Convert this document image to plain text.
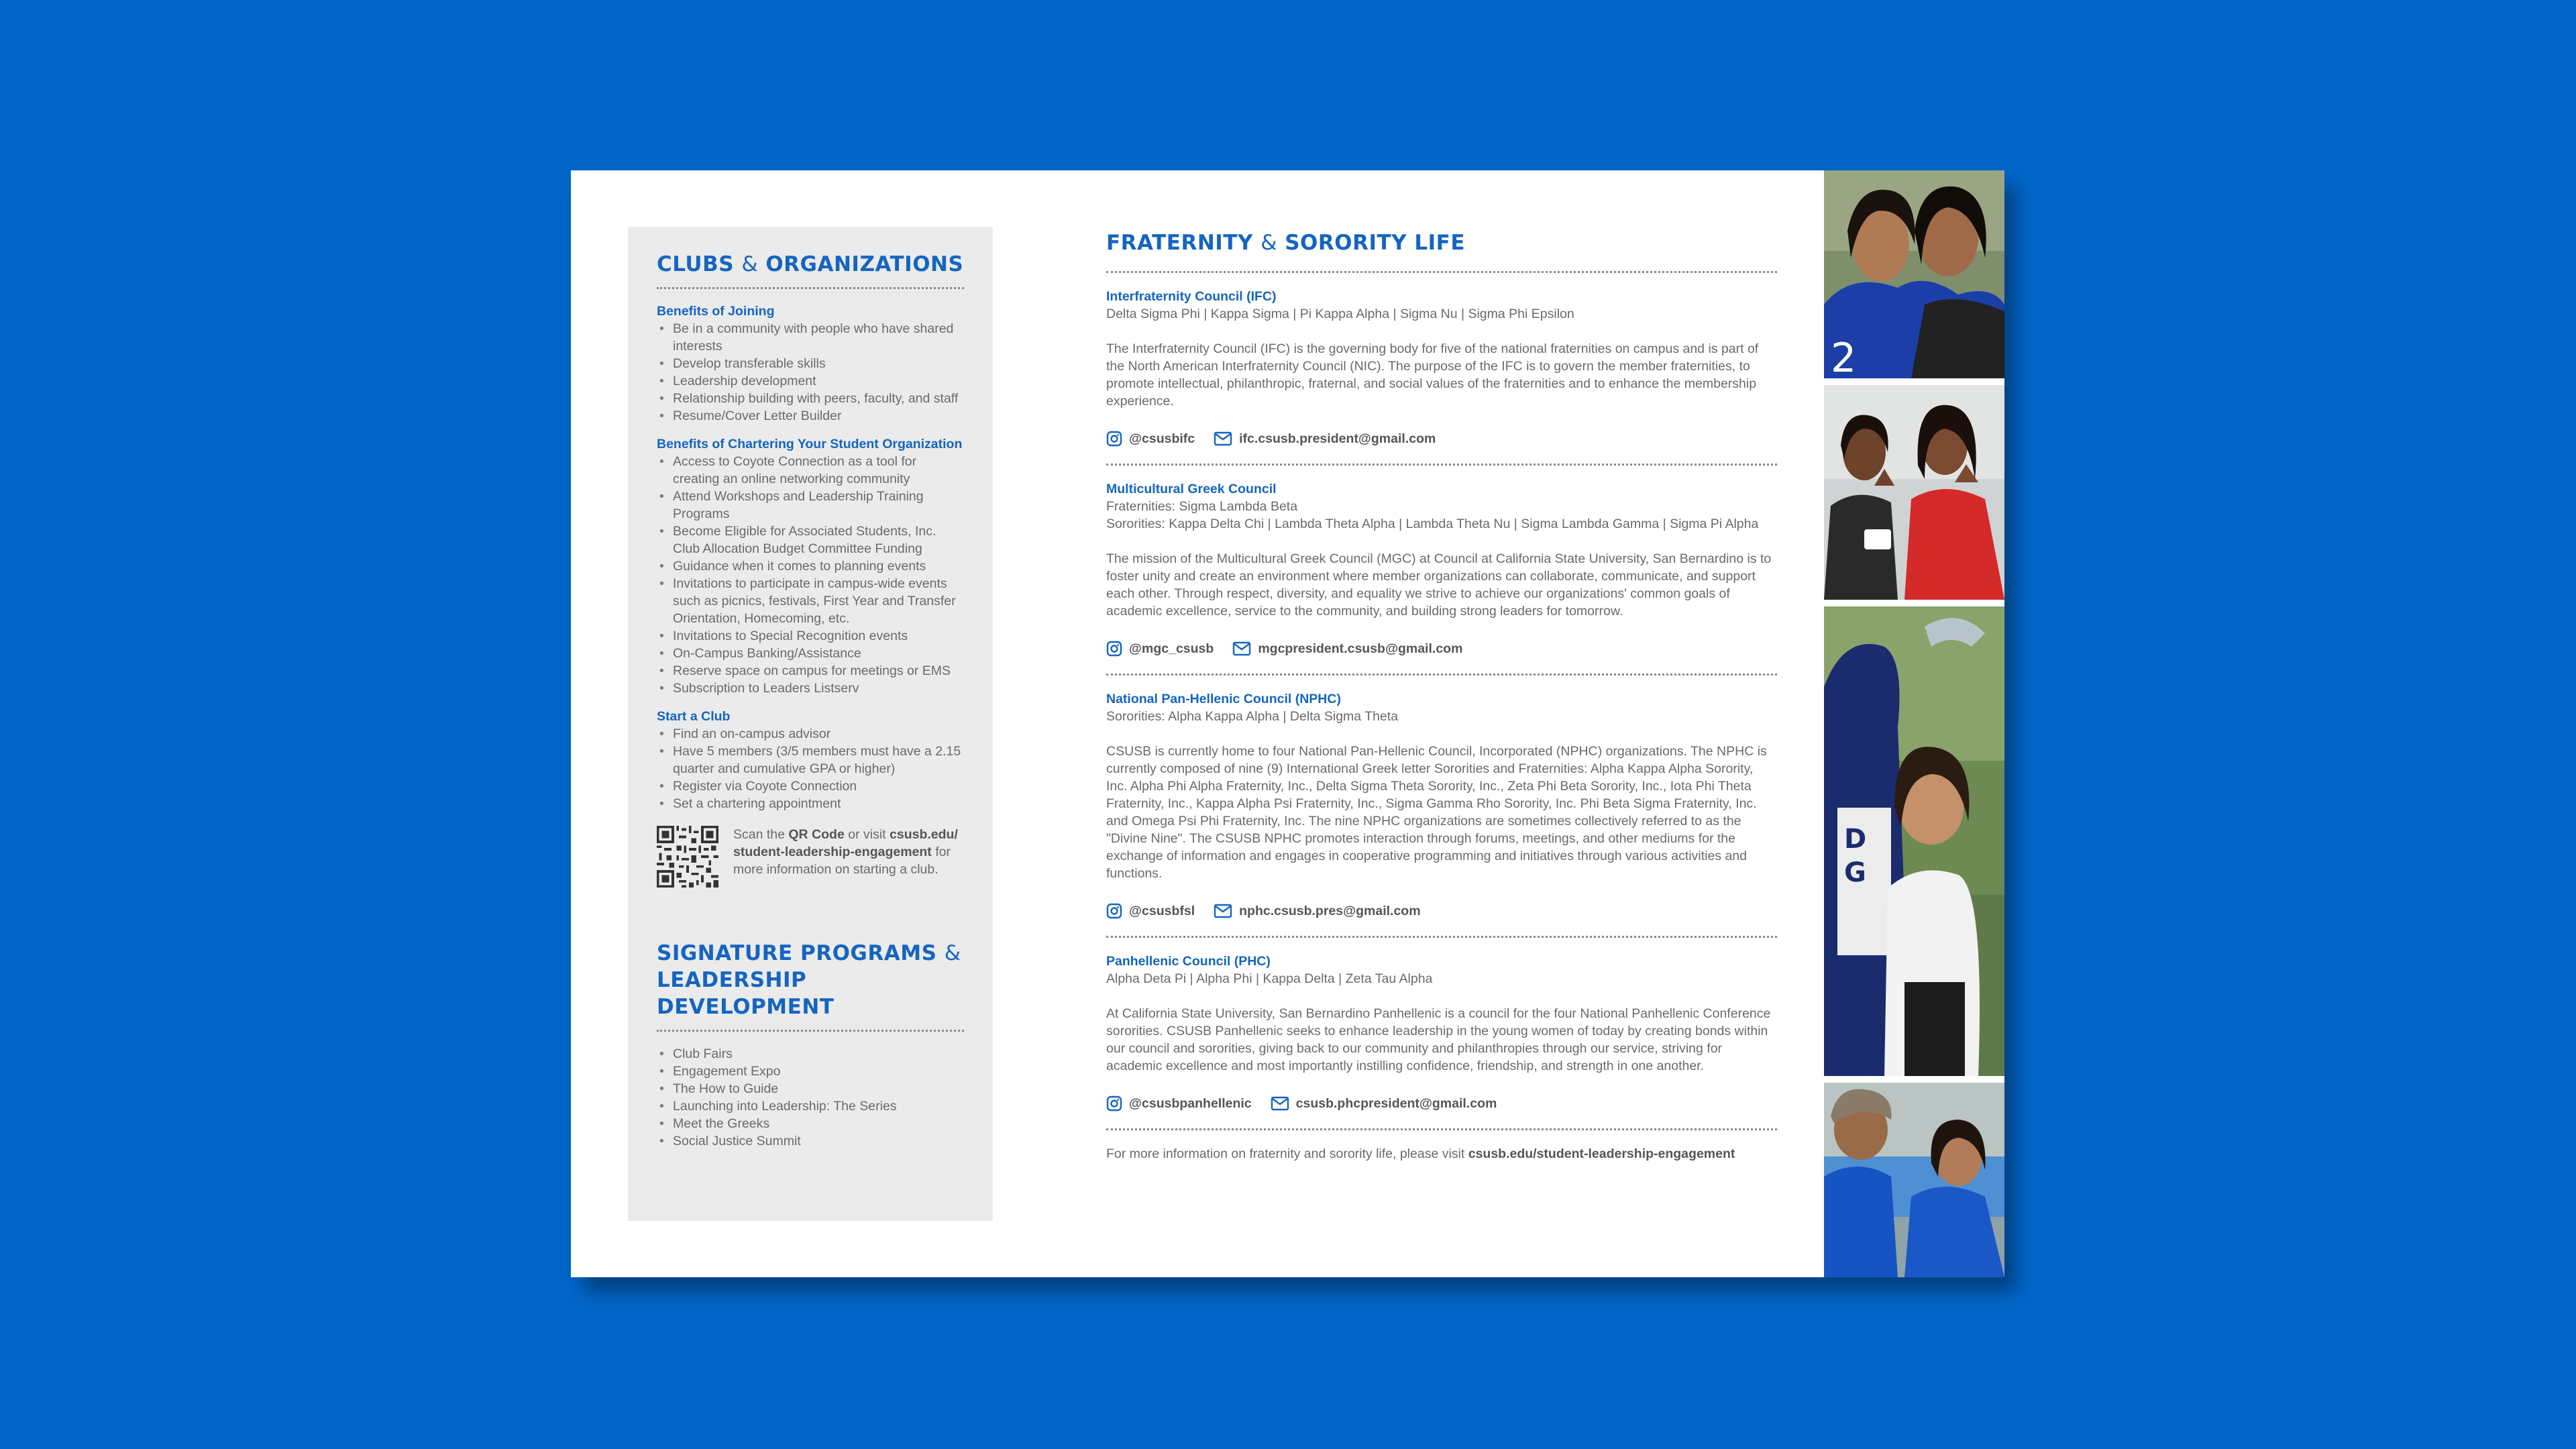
CLUBS & ORGANIZATIONS
Benefits of Joining
• Be in a community with people who have shared interests
• Develop transferable skills
• Leadership development
• Relationship building with peers, faculty, and staff
• Resume/Cover Letter Builder
Benefits of Chartering Your Student Organization
• Access to Coyote Connection as a tool for creating an online networking community
• Attend Workshops and Leadership Training Programs
• Become Eligible for Associated Students, Inc. Club Allocation Budget Committee Funding
• Guidance when it comes to planning events
• Invitations to participate in campus-wide events such as picnics, festivals, First Year and Transfer Orientation, Homecoming, etc.
• Invitations to Special Recognition events
• On-Campus Banking/Assistance
• Reserve space on campus for meetings or EMS
• Subscription to Leaders Listserv
Start a Club
• Find an on-campus advisor
• Have 5 members (3/5 members must have a 2.15 quarter and cumulative GPA or higher)
• Register via Coyote Connection
• Set a chartering appointment
Scan the QR Code or visit csusb.edu/ student-leadership-engagement for more information on starting a club.
SIGNATURE PROGRAMS &
LEADERSHIP DEVELOPMENT
• Club Fairs
• Engagement Expo
• The How to Guide
• Launching into Leadership: The Series
• Meet the Greeks
• Social Justice Summit
FRATERNITY & SORORITY LIFE
Interfraternity Council (IFC)
Delta Sigma Phi | Kappa Sigma | Pi Kappa Alpha | Sigma Nu | Sigma Phi Epsilon
The Interfraternity Council (IFC) is the governing body for five of the national fraternities on campus and is part of the North American Interfraternity Council (NIC). The purpose of the IFC is to govern the member fraternities, to promote intellectual, philanthropic, fraternal, and social values of the fraternities and to enhance the membership experience.
@csusbifc	ifc.csusb.president@gmail.com
Multicultural Greek Council
Fraternities: Sigma Lambda Beta
Sororities: Kappa Delta Chi | Lambda Theta Alpha | Lambda Theta Nu | Sigma Lambda Gamma | Sigma Pi Alpha
The mission of the Multicultural Greek Council (MGC) at Council at California State University, San Bernardino is to foster unity and create an environment where member organizations can collaborate, communicate, and support each other. Through respect, diversity, and equality we strive to achieve our organizations' common goals of academic excellence, service to the community, and building strong leaders for tomorrow.
@mgc_csusb	mgcpresident.csusb@gmail.com
National Pan-Hellenic Council (NPHC)
Sororities: Alpha Kappa Alpha | Delta Sigma Theta
CSUSB is currently home to four National Pan-Hellenic Council, Incorporated (NPHC) organizations. The NPHC is currently composed of nine (9) International Greek letter Sororities and Fraternities: Alpha Kappa Alpha Sorority, Inc. Alpha Phi Alpha Fraternity, Inc., Delta Sigma Theta Sorority, Inc., Zeta Phi Beta Sorority, Inc., Iota Phi Theta Fraternity, Inc., Kappa Alpha Psi Fraternity, Inc., Sigma Gamma Rho Sorority, Inc. Phi Beta Sigma Fraternity, Inc. and Omega Psi Phi Fraternity, Inc. The nine NPHC organizations are sometimes collectively referred to as the "Divine Nine". The CSUSB NPHC promotes interaction through forums, meetings, and other mediums for the exchange of information and engages in cooperative programming and initiatives through various activities and functions.
@csusbfsl	nphc.csusb.pres@gmail.com
Panhellenic Council (PHC)
Alpha Deta Pi | Alpha Phi | Kappa Delta | Zeta Tau Alpha
At California State University, San Bernardino Panhellenic is a council for the four National Panhellenic Conference sororities. CSUSB Panhellenic seeks to enhance leadership in the young women of today by creating bonds within our council and sororities, giving back to our community and philanthropies through our service, striving for academic excellence and most importantly instilling confidence, friendship, and strength in one another.
@csusbpanhellenic	csusb.phcpresident@gmail.com
For more information on fraternity and sorority life, please visit csusb.edu/student-leadership-engagement
2
D
G
